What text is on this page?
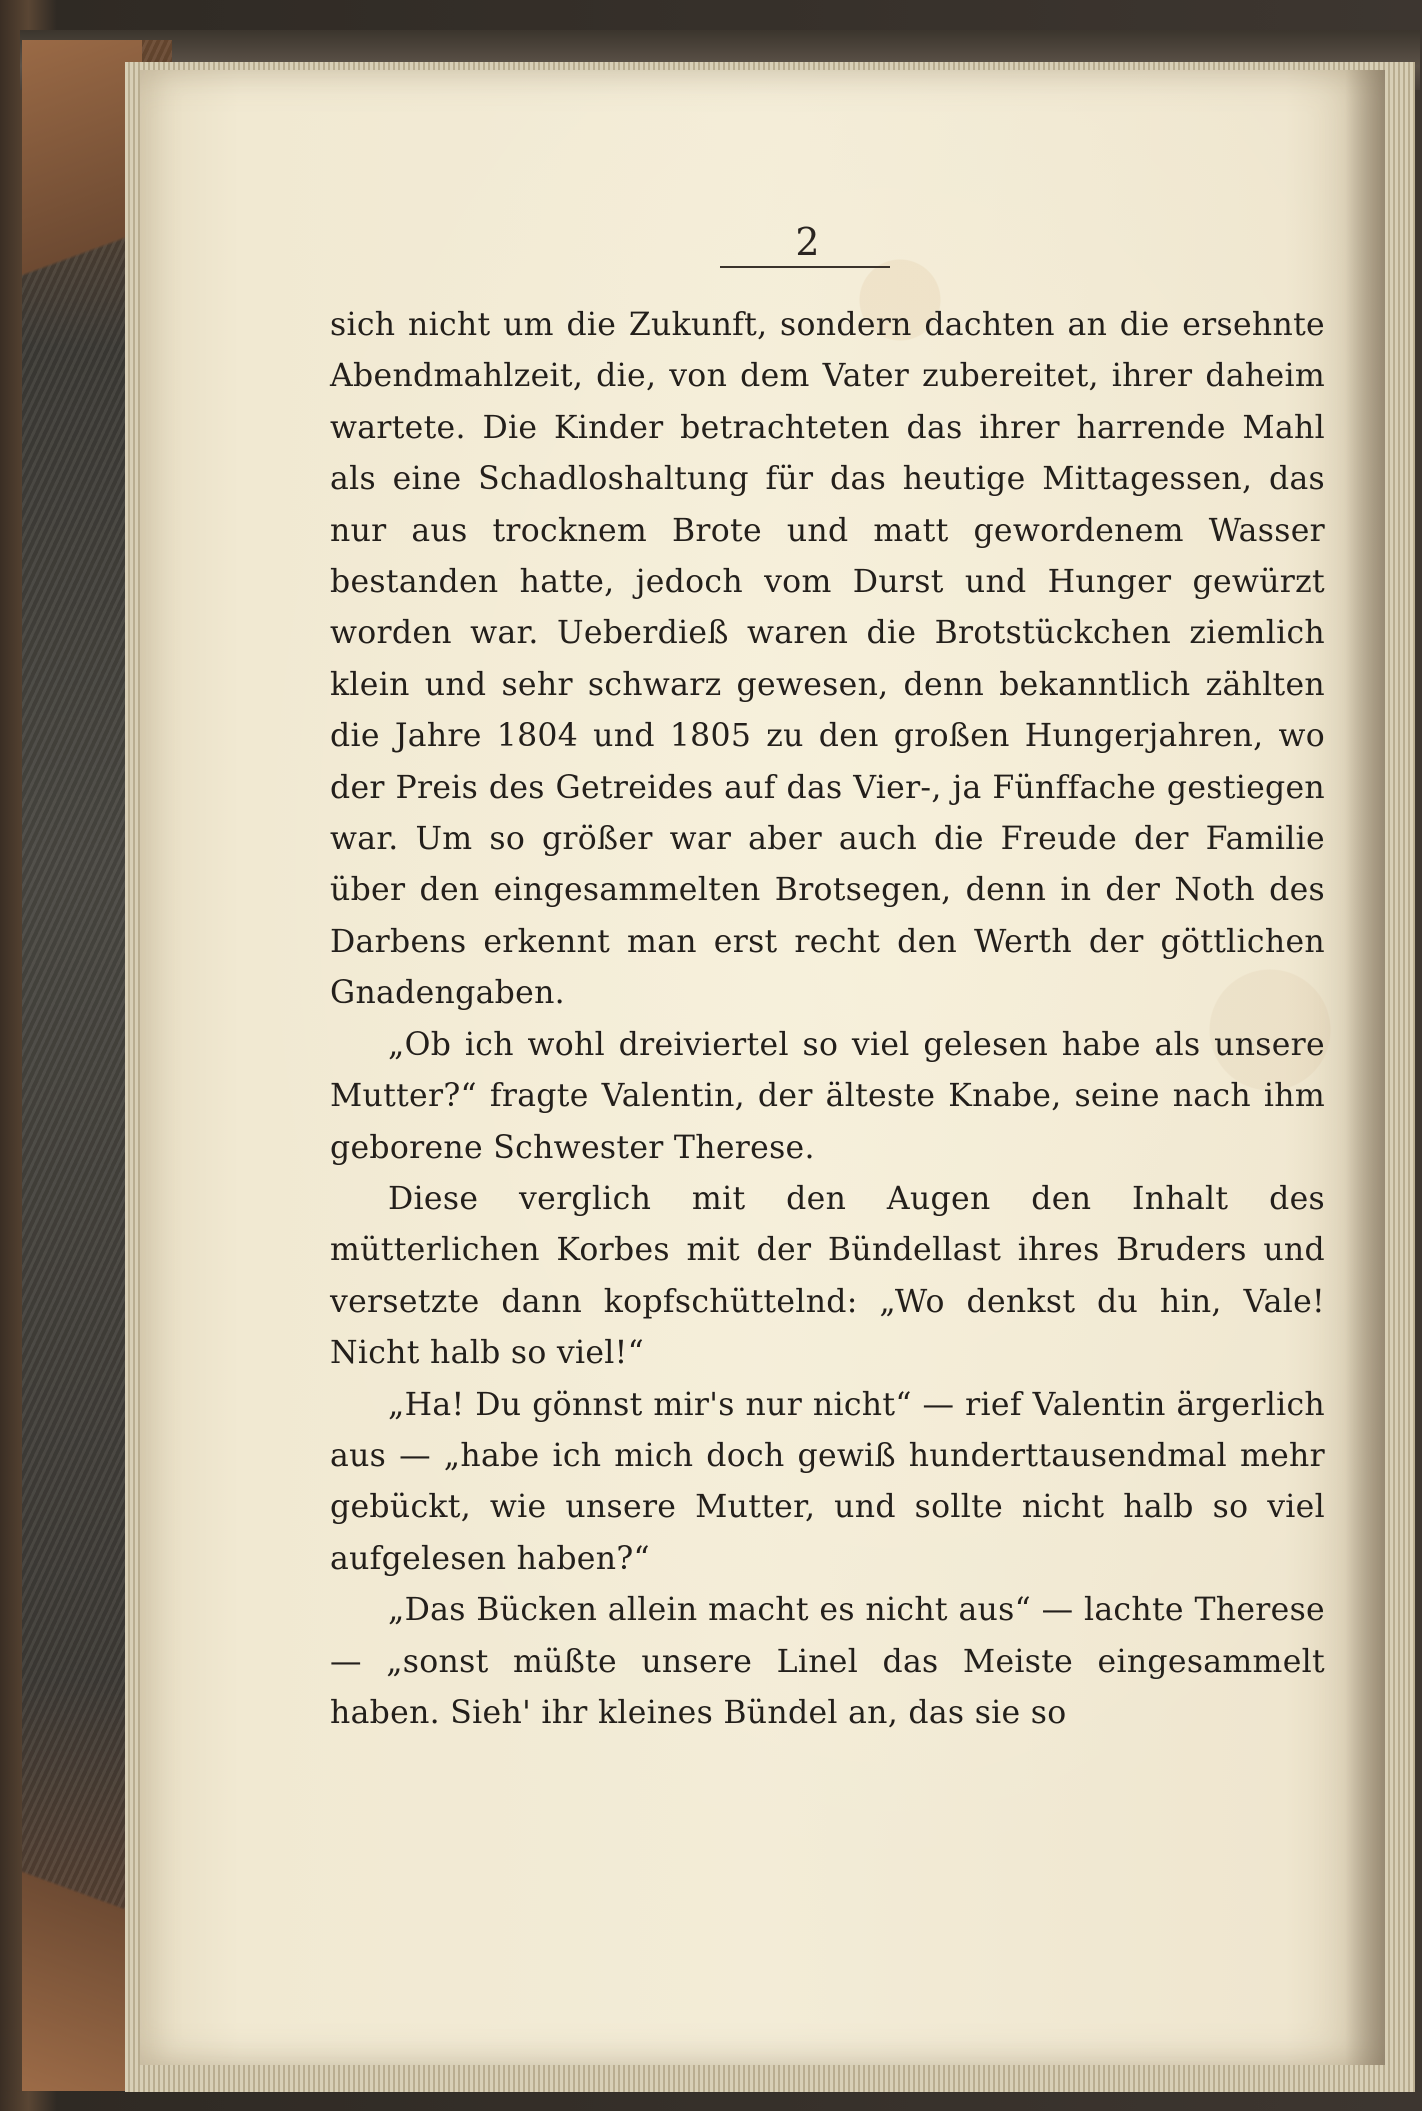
2

sich nicht um die Zukunft, sondern dachten an die ersehnte Abendmahlzeit, die, von dem Vater zubereitet, ihrer daheim wartete. Die Kinder betrachteten das ihrer harrende Mahl als eine Schadloshaltung für das heutige Mittagessen, das nur aus trocknem Brote und matt gewordenem Wasser bestanden hatte, jedoch vom Durst und Hunger gewürzt worden war. Ueberdieß waren die Brotstückchen ziemlich klein und sehr schwarz gewesen, denn bekanntlich zählten die Jahre 1804 und 1805 zu den großen Hungerjahren, wo der Preis des Getreides auf das Vier-, ja Fünffache gestiegen war. Um so größer war aber auch die Freude der Familie über den eingesammelten Brotsegen, denn in der Noth des Darbens erkennt man erst recht den Werth der göttlichen Gnadengaben.

„Ob ich wohl dreiviertel so viel gelesen habe als unsere Mutter?“ fragte Valentin, der älteste Knabe, seine nach ihm geborene Schwester Therese.

Diese verglich mit den Augen den Inhalt des mütterlichen Korbes mit der Bündellast ihres Bruders und versetzte dann kopfschüttelnd: „Wo denkst du hin, Vale! Nicht halb so viel!“

„Ha! Du gönnst mir's nur nicht“ — rief Valentin ärgerlich aus — „habe ich mich doch gewiß hunderttausendmal mehr gebückt, wie unsere Mutter, und sollte nicht halb so viel aufgelesen haben?“

„Das Bücken allein macht es nicht aus“ — lachte Therese — „sonst müßte unsere Linel das Meiste eingesammelt haben. Sieh' ihr kleines Bündel an, das sie so
